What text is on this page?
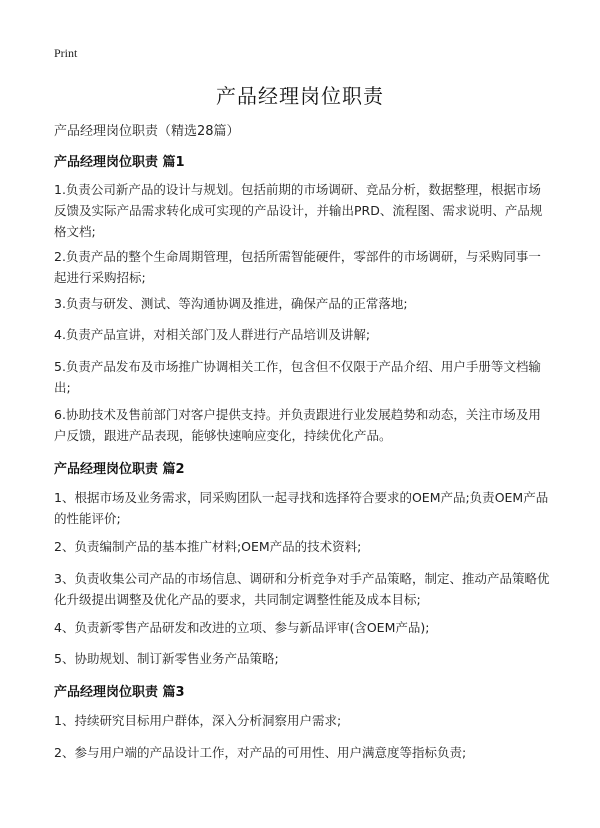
Print
产品经理岗位职责
产品经理岗位职责（精选28篇）
产品经理岗位职责 篇1
1.负责公司新产品的设计与规划。包括前期的市场调研、竞品分析，数据整理，根据市场反馈及实际产品需求转化成可实现的产品设计，并输出PRD、流程图、需求说明、产品规格文档;
2.负责产品的整个生命周期管理，包括所需智能硬件，零部件的市场调研，与采购同事一起进行采购招标;
3.负责与研发、测试、等沟通协调及推进，确保产品的正常落地;
4.负责产品宣讲，对相关部门及人群进行产品培训及讲解;
5.负责产品发布及市场推广协调相关工作，包含但不仅限于产品介绍、用户手册等文档输出;
6.协助技术及售前部门对客户提供支持。并负责跟进行业发展趋势和动态，关注市场及用户反馈，跟进产品表现，能够快速响应变化，持续优化产品。
产品经理岗位职责 篇2
1、根据市场及业务需求，同采购团队一起寻找和选择符合要求的OEM产品;负责OEM产品的性能评价;
2、负责编制产品的基本推广材料;OEM产品的技术资料;
3、负责收集公司产品的市场信息、调研和分析竞争对手产品策略，制定、推动产品策略优化升级提出调整及优化产品的要求，共同制定调整性能及成本目标;
4、负责新零售产品研发和改进的立项、参与新品评审(含OEM产品);
5、协助规划、制订新零售业务产品策略;
产品经理岗位职责 篇3
1、持续研究目标用户群体，深入分析洞察用户需求;
2、参与用户端的产品设计工作，对产品的可用性、用户满意度等指标负责;
